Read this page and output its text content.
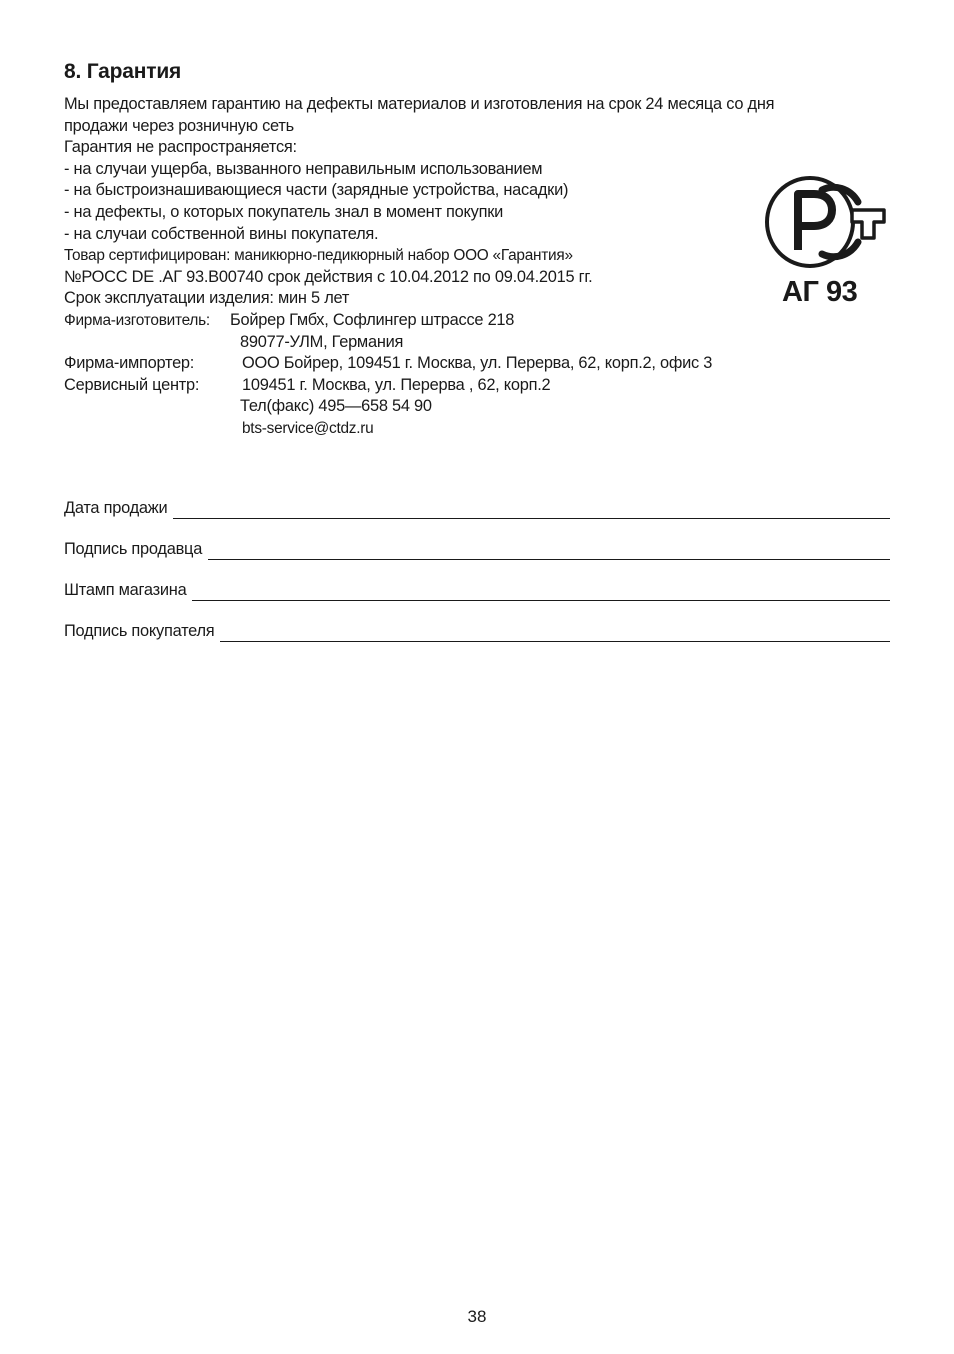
8. Гарантия
Мы предоставляем гарантию на дефекты материалов и изготовления на срок 24 месяца со дня
продажи через розничную сеть
Гарантия не распространяется:
- на случаи ущерба, вызванного неправильным использованием
- на быстроизнашивающиеся части (зарядные устройства, насадки)
- на дефекты, о которых покупатель знал в момент покупки
- на случаи собственной вины покупателя.
Товар сертифицирован: маникюрно-педикюрный набор ООО «Гарантия»
№РОСС DE .АГ 93.В00740 срок действия с 10.04.2012 по 09.04.2015 гг.
Срок эксплуатации изделия: мин 5 лет
Фирма-изготовитель:	Бойрер Гмбх, Софлингер штрассе 218
89077-УЛМ, Германия
Фирма-импортер:	ООО Бойрер, 109451 г. Москва, ул. Перерва, 62, корп.2, офис 3
Сервисный центр:	109451 г. Москва, ул. Перерва , 62, корп.2
Тел(факс) 495—658 54 90
bts-service@ctdz.ru
АГ 93
Дата продажи
Подпись продавца
Штамп магазина
Подпись покупателя
38
